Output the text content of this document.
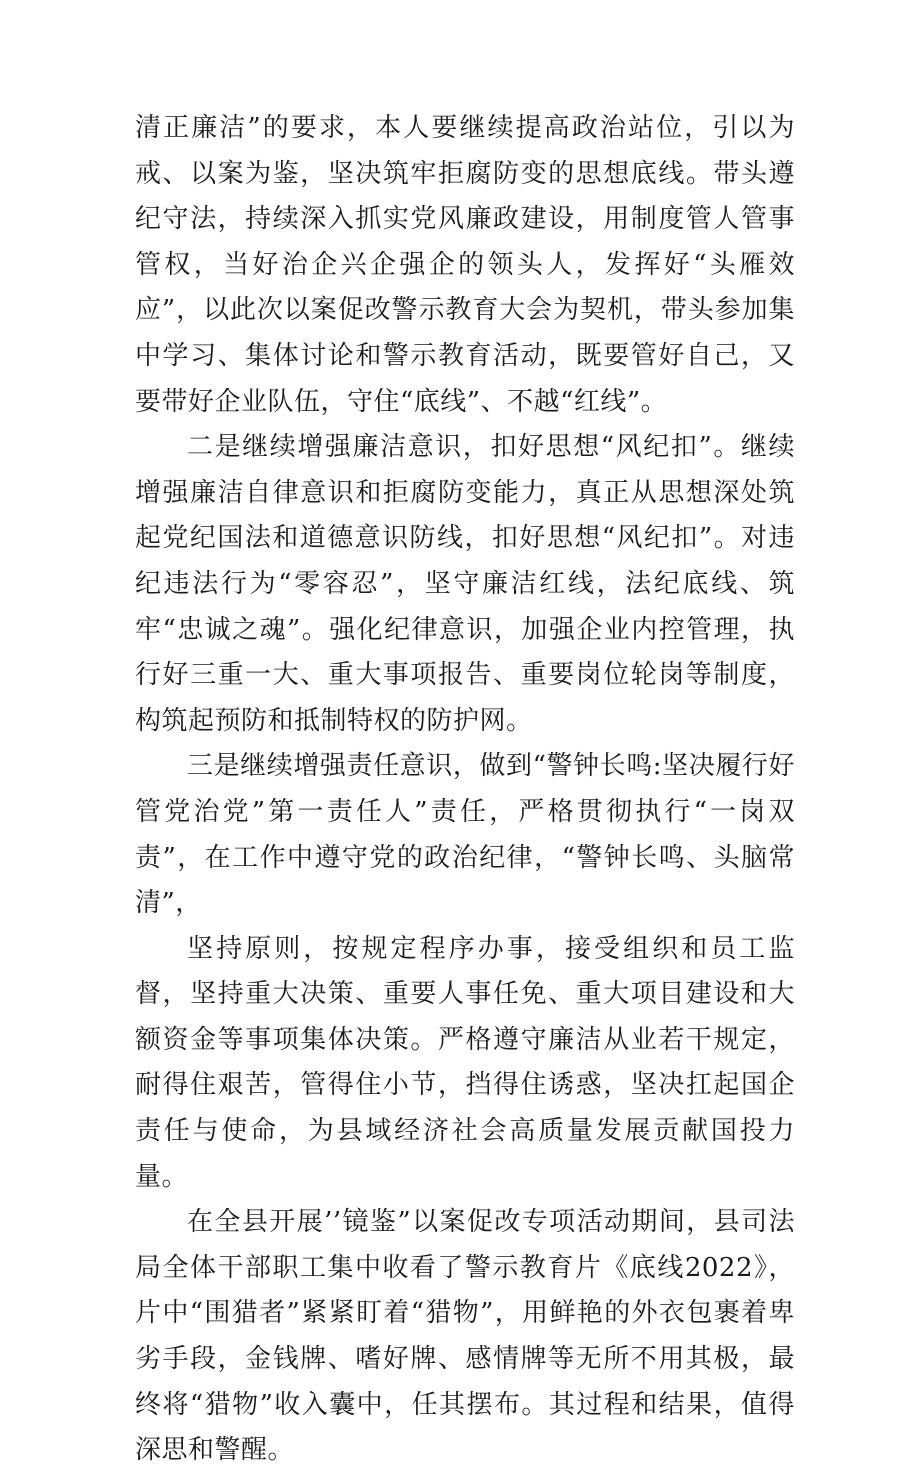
清正廉洁”的要求，本人要继续提高政治站位，引以为戒、以案为鉴，坚决筑牢拒腐防变的思想底线。带头遵纪守法，持续深入抓实党风廉政建设，用制度管人管事管权，当好治企兴企强企的领头人，发挥好“头雁效应”，以此次以案促改警示教育大会为契机，带头参加集中学习、集体讨论和警示教育活动，既要管好自己，又要带好企业队伍，守住“底线”、不越“红线”。

二是继续增强廉洁意识，扣好思想“风纪扣”。继续增强廉洁自律意识和拒腐防变能力，真正从思想深处筑起党纪国法和道德意识防线，扣好思想“风纪扣”。对违纪违法行为“零容忍”，坚守廉洁红线，法纪底线、筑牢“忠诚之魂”。强化纪律意识，加强企业内控管理，执行好三重一大、重大事项报告、重要岗位轮岗等制度，构筑起预防和抵制特权的防护网。

三是继续增强责任意识，做到“警钟长鸣:坚决履行好管党治党”第一责任人”责任，严格贯彻执行“一岗双责”，在工作中遵守党的政治纪律，“警钟长鸣、头脑常清”，

坚持原则，按规定程序办事，接受组织和员工监督，坚持重大决策、重要人事任免、重大项目建设和大额资金等事项集体决策。严格遵守廉洁从业若干规定，耐得住艰苦，管得住小节，挡得住诱惑，坚决扛起国企责任与使命，为县域经济社会高质量发展贡献国投力量。

在全县开展’’镜鉴”以案促改专项活动期间，县司法局全体干部职工集中收看了警示教育片《底线2022》，片中“围猎者”紧紧盯着“猎物”，用鲜艳的外衣包裹着卑劣手段，金钱牌、嗜好牌、感情牌等无所不用其极，最终将“猎物”收入囊中，任其摆布。其过程和结果，值得深思和警醒。
